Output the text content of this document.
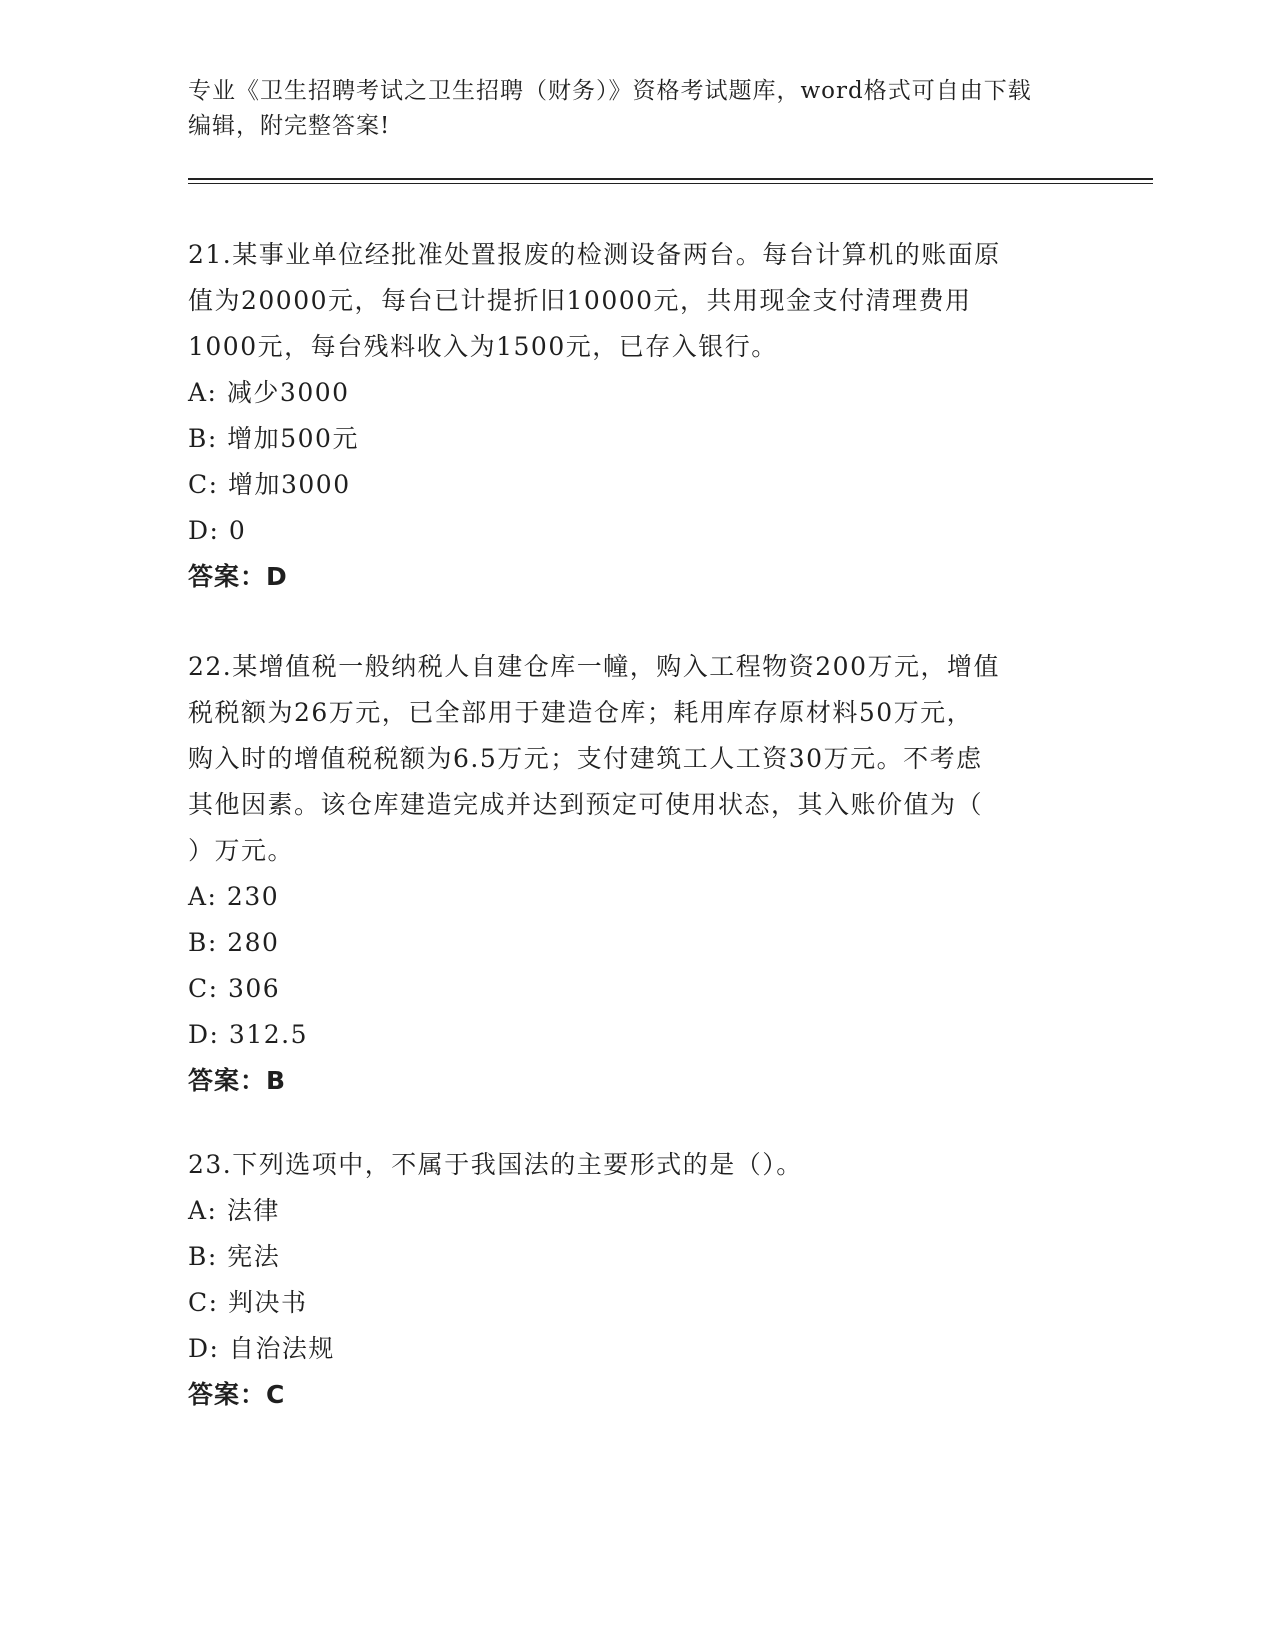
专业《卫生招聘考试之卫生招聘（财务）》资格考试题库，word格式可自由下载
编辑，附完整答案!
21.某事业单位经批准处置报废的检测设备两台。每台计算机的账面原
值为20000元，每台已计提折旧10000元，共用现金支付清理费用
1000元，每台残料收入为1500元，已存入银行。
A: 减少3000
B: 增加500元
C: 增加3000
D: 0
答案：D
22.某增值税一般纳税人自建仓库一幢，购入工程物资200万元，增值
税税额为26万元，已全部用于建造仓库；耗用库存原材料50万元，
购入时的增值税税额为6.5万元；支付建筑工人工资30万元。不考虑
其他因素。该仓库建造完成并达到预定可使用状态，其入账价值为（
）万元。
A: 230
B: 280
C: 306
D: 312.5
答案：B
23.下列选项中，不属于我国法的主要形式的是（）。
A: 法律
B: 宪法
C: 判决书
D: 自治法规
答案：C
